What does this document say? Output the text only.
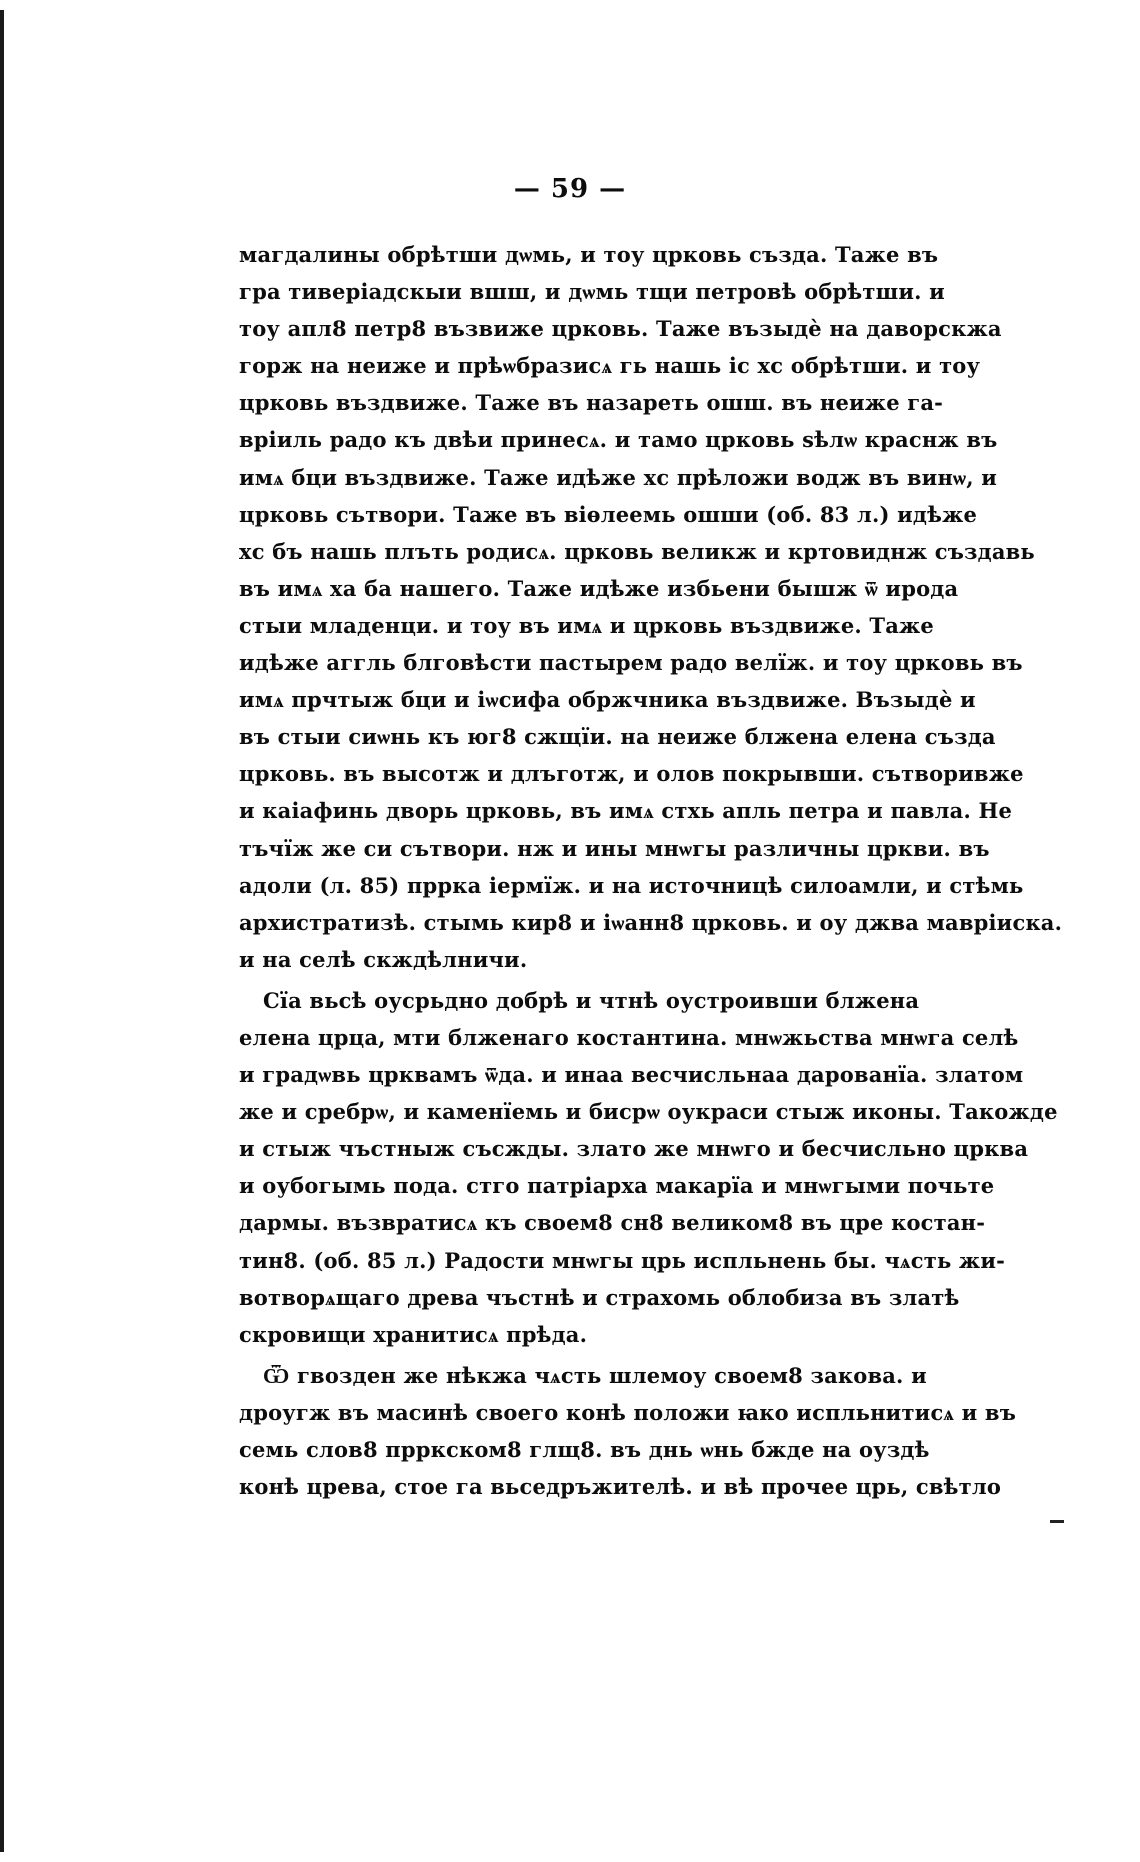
— 59 —
магдалины обрѣтши дѡмь, и тоу црковь създа. Таже въ
гра тиверіадскыи вшш, и дѡмь тщи петровѣ обрѣтши. и
тоу апл8 петр8 възвиже црковь. Таже възыдѐ на даворскжа
горж на неиже и прѣѡбразисѧ гь нашь іс хс обрѣтши. и тоу
црковь въздвиже. Таже въ назареть ошш. въ неиже га-
вріиль радо къ двѣи принесѧ. и тамо црковь ѕѣлѡ краснж въ
имѧ бци въздвиже. Таже идѣже хс прѣложи водж въ винѡ, и
црковь сътвори. Таже въ віѳлеемь ошши (об. 83 л.) идѣже
хс бъ нашь плъть родисѧ. црковь великж и кртовиднж създавь
въ имѧ ха ба нашего. Таже идѣже избьени бышж ѿ ирода
стыи младенци. и тоу въ имѧ и црковь въздвиже. Таже
идѣже аггль блговѣсти пастырем радо велїж. и тоу црковь въ
имѧ прчтыж бци и іѡсифа обржчника въздвиже. Възыдѐ и
въ стыи сиѡнь къ юг8 сжщїи. на неиже блжена елена създа
црковь. въ высотж и длъготж, и олов покрывши. сътворивже
и каіафинь дворь црковь, въ имѧ стхь апль петра и павла. Не
тъчїж же си сътвори. нж и ины мнѡгы различны цркви. въ
адоли (л. 85) прркa іермїж. и на источницѣ силоамли, и стѣмь
архистратизѣ. стымь кир8 и іѡанн8 црковь. и оу джва мавріиска.
и на селѣ скждѣлничи.
Сїа вьсѣ оусрьдно добрѣ и чтнѣ оустроивши блжена
елена црца, мти блженаго костантина. мнѡжьства мнѡга селѣ
и градѡвь црквамъ ѿда. и инаа весчисльнаа дарованїа. златом
же и сребрѡ, и каменїемь и бисрѡ оукраси стыж иконы. Такожде
и стыж чъстныж съсжды. злато же мнѡго и бесчисльно црква
и оубогымь пода. стго патріарха макарїа и мнѡгыми почьте
дармы. възвратисѧ къ своем8 сн8 великом8 въ цре костан-
тин8. (об. 85 л.) Радости мнѡгы црь испльнень бы. чѧсть жи-
вотворѧщаго древа чъстнѣ и страхомь облобиза въ златѣ
скровищи хранитисѧ прѣда.
Ѿ гвозден же нѣкжа чѧсть шлемоу своем8 закова. и
дроугж въ масинѣ своего конѣ положи ꙗко испльнитисѧ и въ
семь слов8 прркском8 глщ8. въ днь ѡнь бжде на оуздѣ
конѣ црева, стое га вьседръжителѣ. и вѣ прочее црь, свѣтло
